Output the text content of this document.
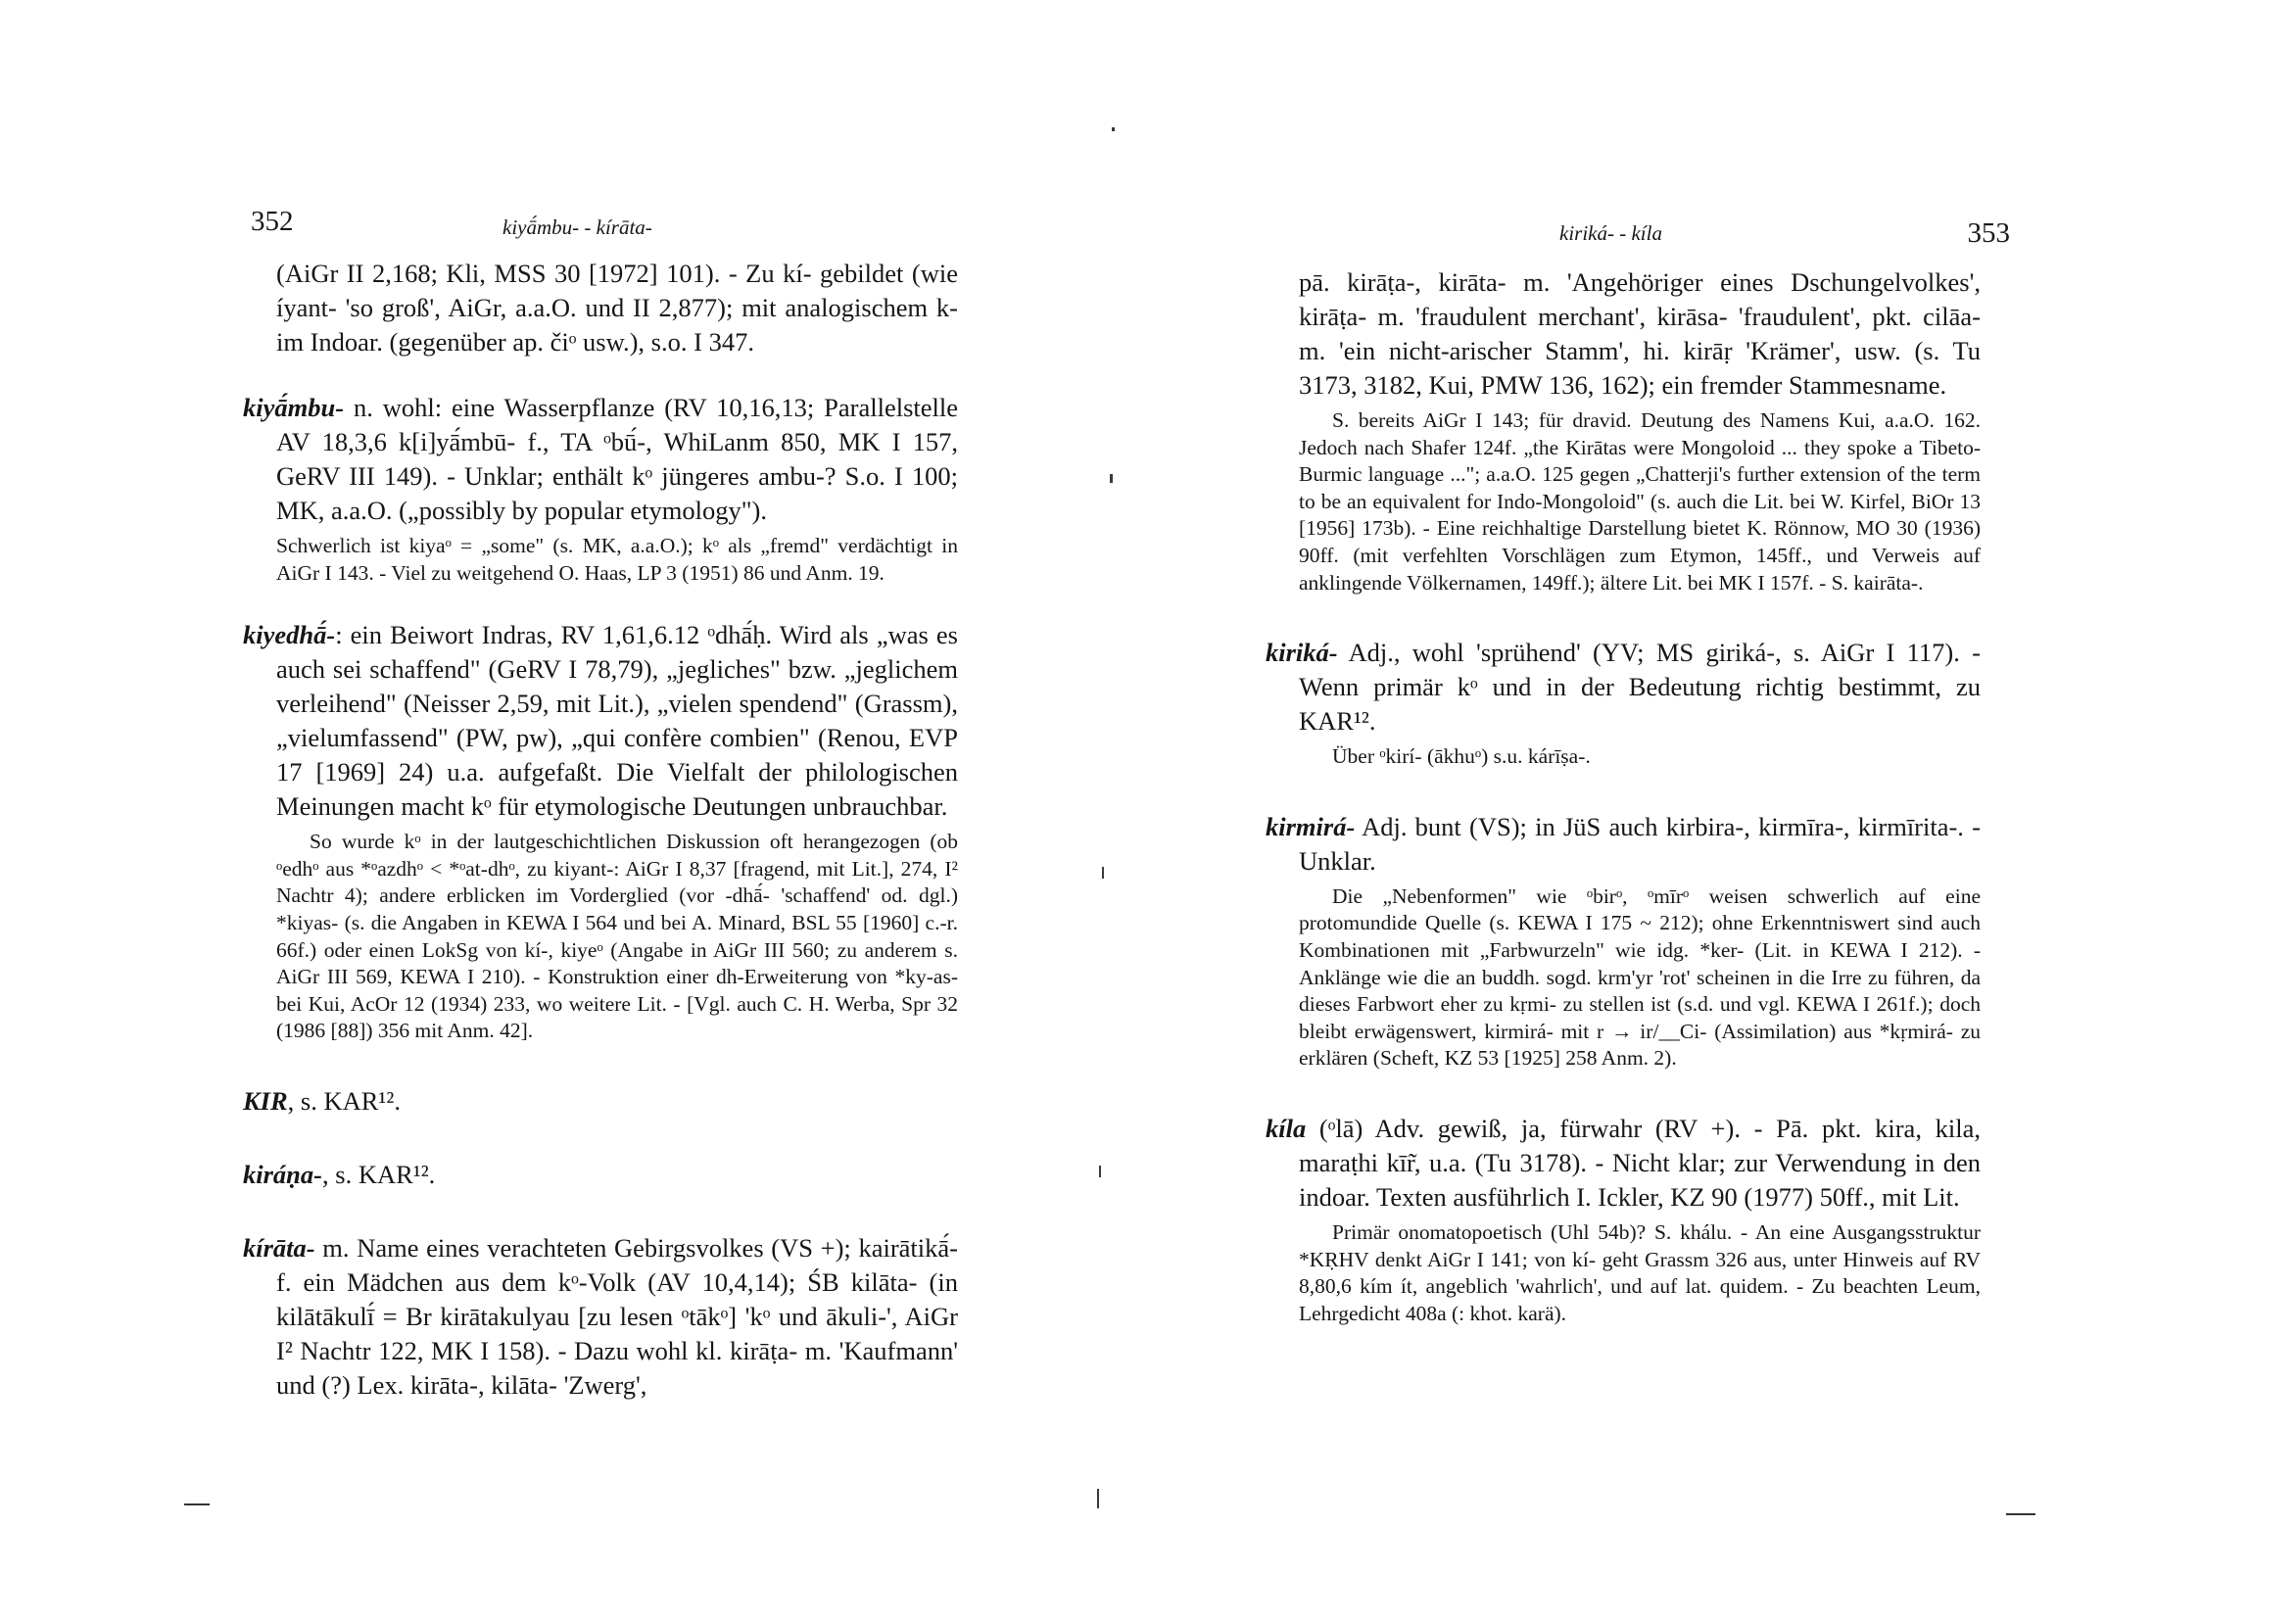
352	kiyā́mbu- - kírāta-

(AiGr II 2,168; Kli, MSS 30 [1972] 101). - Zu kí- gebildet (wie íyant- 'so groß', AiGr, a.a.O. und II 2,877); mit analogischem k- im Indoar. (gegenüber ap. čiᵒ usw.), s.o. I 347.

kiyā́mbu- n. wohl: eine Wasserpflanze (RV 10,16,13; Parallelstelle AV 18,3,6 k[i]yā́mbū- f., TA ᵒbū́-, WhiLanm 850, MK I 157, GeRV III 149). - Unklar; enthält kᵒ jüngeres ambu-? S.o. I 100; MK, a.a.O. („possibly by popular etymology").

Schwerlich ist kiyaᵒ = „some" (s. MK, a.a.O.); kᵒ als „fremd" verdächtigt in AiGr I 143. - Viel zu weitgehend O. Haas, LP 3 (1951) 86 und Anm. 19.

kiyedhā́-: ein Beiwort Indras, RV 1,61,6.12 ᵒdhā́ḥ. Wird als „was es auch sei schaffend" (GeRV I 78,79), „jegliches" bzw. „jeglichem verleihend" (Neisser 2,59, mit Lit.), „vielen spendend" (Grassm), „vielumfassend" (PW, pw), „qui confère combien" (Renou, EVP 17 [1969] 24) u.a. aufgefaßt. Die Vielfalt der philologischen Meinungen macht kᵒ für etymologische Deutungen unbrauchbar.

So wurde kᵒ in der lautgeschichtlichen Diskussion oft herangezogen (ob ᵒedhᵒ aus *ᵒazdhᵒ < *ᵒat-dhᵒ, zu kiyant-: AiGr I 8,37 [fragend, mit Lit.], 274, I² Nachtr 4); andere erblicken im Vorderglied (vor -dhā́- 'schaffend' od. dgl.) *kiyas- (s. die Angaben in KEWA I 564 und bei A. Minard, BSL 55 [1960] c.-r. 66f.) oder einen LokSg von kí-, kiyeᵒ (Angabe in AiGr III 560; zu anderem s. AiGr III 569, KEWA I 210). - Konstruktion einer dh-Erweiterung von *ky-as- bei Kui, AcOr 12 (1934) 233, wo weitere Lit. - [Vgl. auch C. H. Werba, Spr 32 (1986 [88]) 356 mit Anm. 42].

KIR, s. KAR¹².

kiráṇa-, s. KAR¹².

kírāta- m. Name eines verachteten Gebirgsvolkes (VS +); kairātikā́- f. ein Mädchen aus dem kᵒ-Volk (AV 10,4,14); ŚB kilāta- (in kilātākulī́ = Br kirātakulyau [zu lesen ᵒtākᵒ] 'kᵒ und ākuli-', AiGr I² Nachtr 122, MK I 158). - Dazu wohl kl. kirāṭa- m. 'Kaufmann' und (?) Lex. kirāta-, kilāta- 'Zwerg',

kiriká- - kíla	353

pā. kirāṭa-, kirāta- m. 'Angehöriger eines Dschungelvolkes', kirāṭa- m. 'fraudulent merchant', kirāsa- 'fraudulent', pkt. cilāa- m. 'ein nicht-arischer Stamm', hi. kirāṛ 'Krämer', usw. (s. Tu 3173, 3182, Kui, PMW 136, 162); ein fremder Stammesname.

S. bereits AiGr I 143; für dravid. Deutung des Namens Kui, a.a.O. 162. Jedoch nach Shafer 124f. „the Kirātas were Mongoloid ... they spoke a Tibeto-Burmic language ..."; a.a.O. 125 gegen „Chatterji's further extension of the term to be an equivalent for Indo-Mongoloid" (s. auch die Lit. bei W. Kirfel, BiOr 13 [1956] 173b). - Eine reichhaltige Darstellung bietet K. Rönnow, MO 30 (1936) 90ff. (mit verfehlten Vorschlägen zum Etymon, 145ff., und Verweis auf anklingende Völkernamen, 149ff.); ältere Lit. bei MK I 157f. - S. kairāta-.

kiriká- Adj., wohl 'sprühend' (YV; MS giriká-, s. AiGr I 117). - Wenn primär kᵒ und in der Bedeutung richtig bestimmt, zu KAR¹².

Über ᵒkirí- (ākhuᵒ) s.u. kárīṣa-.

kirmirá- Adj. bunt (VS); in JüS auch kirbira-, kirmīra-, kirmīrita-. - Unklar.

Die „Nebenformen" wie ᵒbirᵒ, ᵒmīrᵒ weisen schwerlich auf eine protomundide Quelle (s. KEWA I 175 ~ 212); ohne Erkenntniswert sind auch Kombinationen mit „Farbwurzeln" wie idg. *ker- (Lit. in KEWA I 212). - Anklänge wie die an buddh. sogd. krm'yr 'rot' scheinen in die Irre zu führen, da dieses Farbwort eher zu kṛmi- zu stellen ist (s.d. und vgl. KEWA I 261f.); doch bleibt erwägenswert, kirmirá- mit r → ir/__Ci- (Assimilation) aus *kṛmirá- zu erklären (Scheft, KZ 53 [1925] 258 Anm. 2).

kíla (ᵒlā) Adv. gewiß, ja, fürwahr (RV +). - Pā. pkt. kira, kila, maraṭhi kīr̃, u.a. (Tu 3178). - Nicht klar; zur Verwendung in den indoar. Texten ausführlich I. Ickler, KZ 90 (1977) 50ff., mit Lit.

Primär onomatopoetisch (Uhl 54b)? S. khálu. - An eine Ausgangsstruktur *KṚHV denkt AiGr I 141; von kí- geht Grassm 326 aus, unter Hinweis auf RV 8,80,6 kím ít, angeblich 'wahrlich', und auf lat. quidem. - Zu beachten Leum, Lehrgedicht 408a (: khot. karä).
